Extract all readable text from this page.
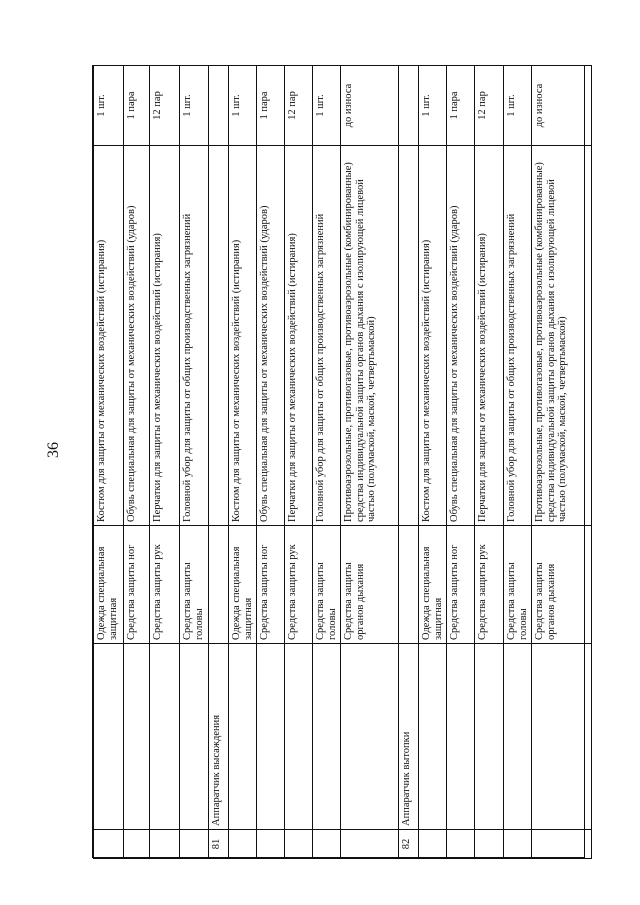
36
		Одежда специальная защитная	Костюм для защиты от механических воздействий (истирания)	1 шт.
		Средства защиты ног	Обувь специальная для защиты от механических воздействий (ударов)	1 пара
		Средства защиты рук	Перчатки для защиты от механических воздействий (истирания)	12 пар
		Средства защиты головы	Головной убор для защиты от общих производственных загрязнений	1 шт.
81	Аппаратчик высаждения			
		Одежда специальная защитная	Костюм для защиты от механических воздействий (истирания)	1 шт.
		Средства защиты ног	Обувь специальная для защиты от механических воздействий (ударов)	1 пара
		Средства защиты рук	Перчатки для защиты от механических воздействий (истирания)	12 пар
		Средства защиты головы	Головной убор для защиты от общих производственных загрязнений	1 шт.
		Средства защиты органов дыхания	Противоаэрозольные, противогазовые, противоаэрозольные (комбинированные) средства индивидуальной защиты органов дыхания с изолирующей лицевой частью (полумаской, маской, четвертьмаской)	до износа
82	Аппаратчик вытопки			
		Одежда специальная защитная	Костюм для защиты от механических воздействий (истирания)	1 шт.
		Средства защиты ног	Обувь специальная для защиты от механических воздействий (ударов)	1 пара
		Средства защиты рук	Перчатки для защиты от механических воздействий (истирания)	12 пар
		Средства защиты головы	Головной убор для защиты от общих производственных загрязнений	1 шт.
		Средства защиты органов дыхания	Противоаэрозольные, противогазовые, противоаэрозольные (комбинированные) средства индивидуальной защиты органов дыхания с изолирующей лицевой частью (полумаской, маской, четвертьмаской)	до износа
